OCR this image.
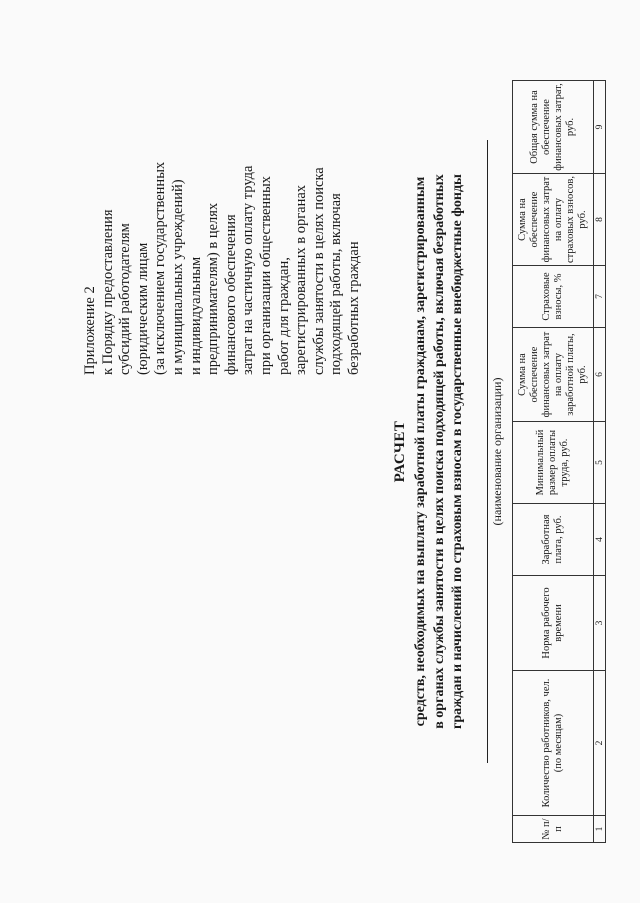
Приложение 2 к Порядку предоставления субсидий работодателям (юридическим лицам (за исключением государственных и муниципальных учреждений) и индивидуальным предпринимателям) в целях финансового обеспечения затрат на частичную оплату труда при организации общественных работ для граждан, зарегистрированных в органах службы занятости в целях поиска подходящей работы, включая безработных граждан
РАСЧЕТ средств, необходимых на выплату заработной платы гражданам, зарегистрированным в органах службы занятости в целях поиска подходящей работы, включая безработных граждан и начислений по страховым взносам в государственные внебюджетные фонды (наименование организации)
№ п/п	Количество работников, чел. (по месяцам)	Норма рабочего времени	Заработная плата, руб.	Минимальный размер оплаты труда, руб.	Сумма на обеспечение финансовых затрат на оплату заработной платы, руб.	Страховые взносы, %	Сумма на обеспечение финансовых затрат на оплату страховых взносов, руб.	Общая сумма на обеспечение финансовых затрат, руб.
1	2	3	4	5	6	7	8	9
